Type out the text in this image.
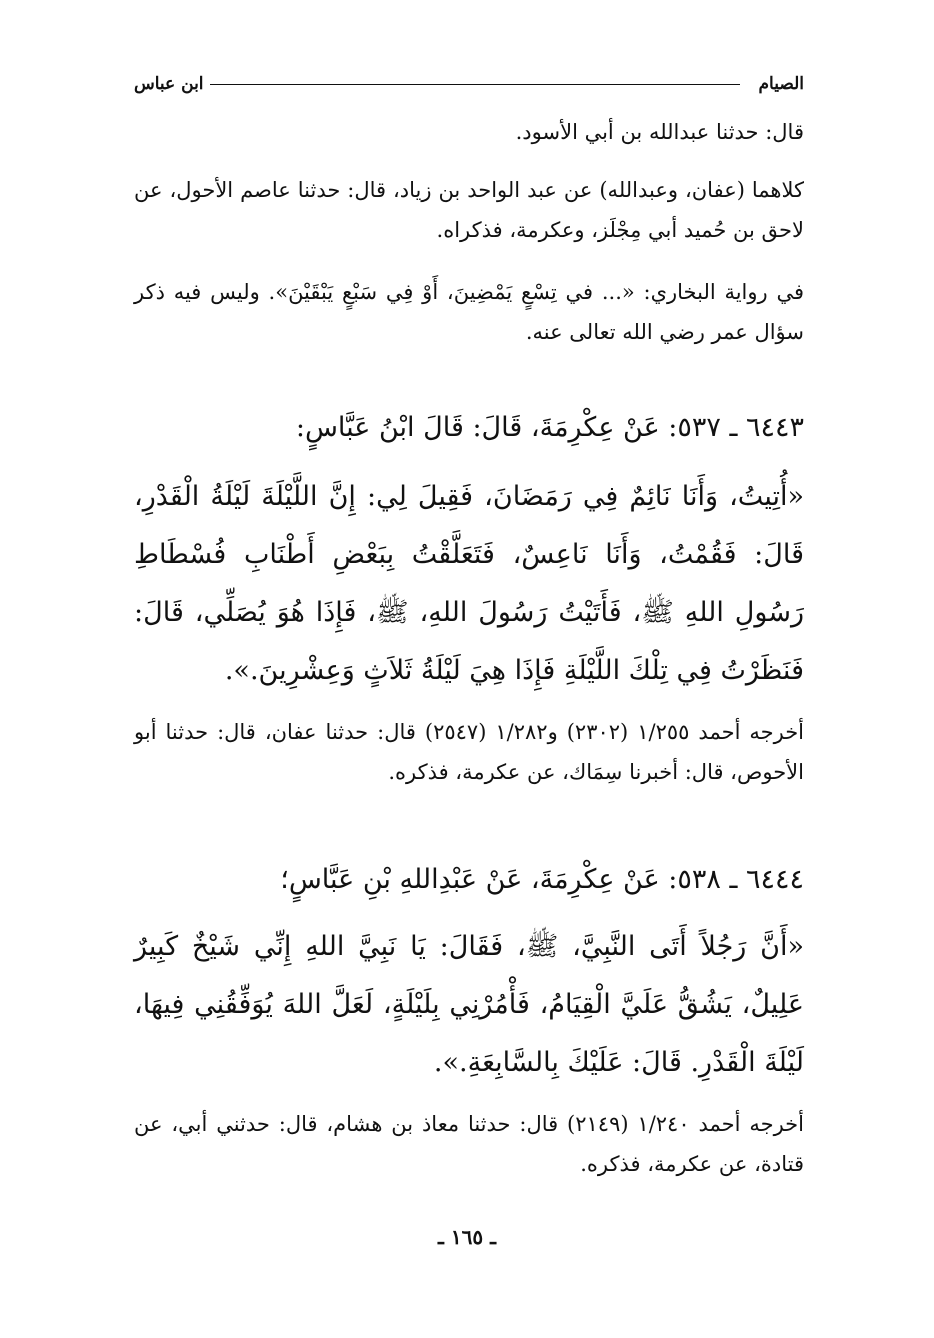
الصيام
ابن عباس
قال: حدثنا عبدالله بن أبي الأسود.
كلاهما (عفان، وعبدالله) عن عبد الواحد بن زياد، قال: حدثنا عاصم الأحول، عن لاحق بن حُميد أبي مِجْلَز، وعكرمة، فذكراه.
في رواية البخاري: «... في تِسْعٍ يَمْضِينَ، أَوْ فِي سَبْعٍ يَبْقَيْنَ». وليس فيه ذكر سؤال عمر رضي الله تعالى عنه.
٦٤٤٣ ـ ٥٣٧: عَنْ عِكْرِمَةَ، قَالَ: قَالَ ابْنُ عَبَّاسٍ:
«أُتِيتُ، وَأَنَا نَائِمٌ فِي رَمَضَانَ، فَقِيلَ لِي: إِنَّ اللَّيْلَةَ لَيْلَةُ الْقَدْرِ، قَالَ: فَقُمْتُ، وَأَنَا نَاعِسٌ، فَتَعَلَّقْتُ بِبَعْضِ أَطْنَابِ فُسْطَاطِ رَسُولِ اللهِ ﷺ، فَأَتَيْتُ رَسُولَ اللهِ، ﷺ، فَإِذَا هُوَ يُصَلِّي، قَالَ: فَنَظَرْتُ فِي تِلْكَ اللَّيْلَةِ فَإِذَا هِيَ لَيْلَةُ ثَلاَثٍ وَعِشْرِينَ.».
أخرجه أحمد ١/٢٥٥ (٢٣٠٢) و١/٢٨٢ (٢٥٤٧) قال: حدثنا عفان، قال: حدثنا أبو الأحوص، قال: أخبرنا سِمَاك، عن عكرمة، فذكره.
٦٤٤٤ ـ ٥٣٨: عَنْ عِكْرِمَةَ، عَنْ عَبْدِاللهِ بْنِ عَبَّاسٍ؛
«أَنَّ رَجُلاً أَتَى النَّبِيَّ، ﷺ، فَقَالَ: يَا نَبِيَّ اللهِ إِنِّي شَيْخٌ كَبِيرٌ عَلِيلٌ، يَشُقُّ عَلَيَّ الْقِيَامُ، فَأْمُرْنِي بِلَيْلَةٍ، لَعَلَّ اللهَ يُوَفِّقُنِي فِيهَا، لَيْلَةَ الْقَدْرِ. قَالَ: عَلَيْكَ بِالسَّابِعَةِ.».
أخرجه أحمد ١/٢٤٠ (٢١٤٩) قال: حدثنا معاذ بن هشام، قال: حدثني أبي، عن قتادة، عن عكرمة، فذكره.
ـ ١٦٥ ـ
